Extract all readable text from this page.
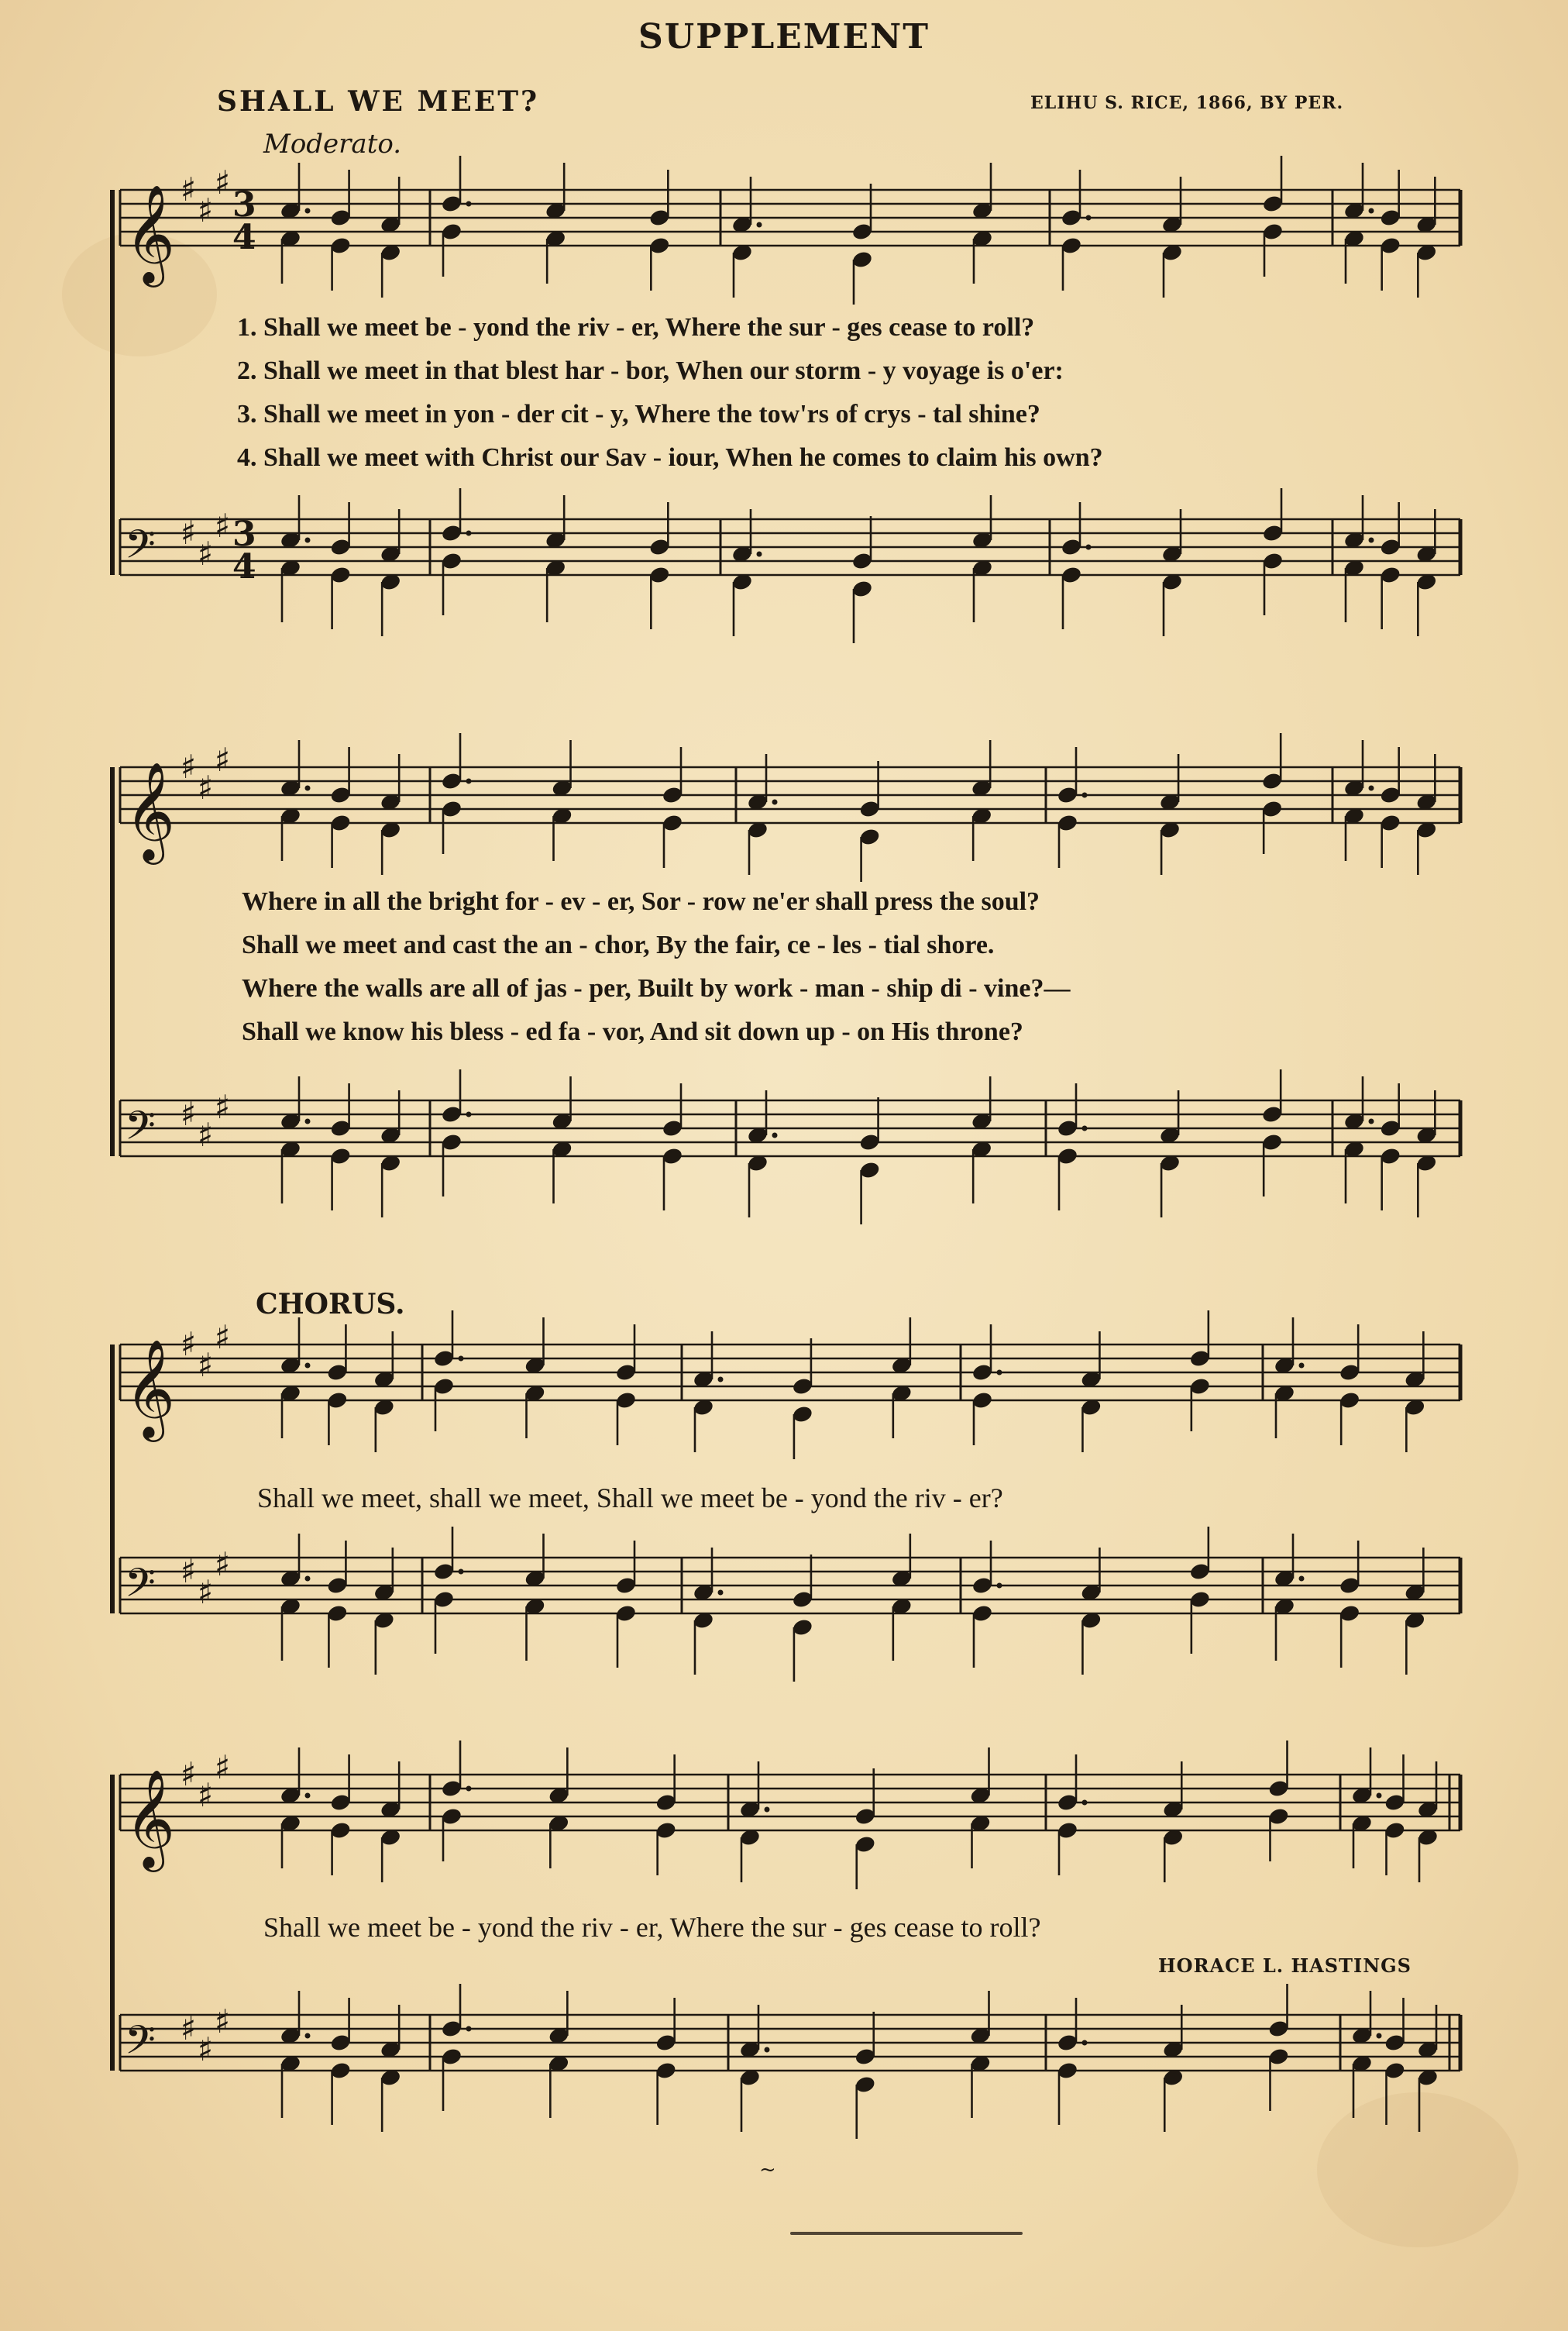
SUPPLEMENT
SHALL WE MEET?	ELIHU S. RICE, 1866, BY PER.
Moderato.
CHORUS.
HORACE L. HASTINGS
1. Shall we meet be - yond the riv - er, Where the sur - ges cease to roll?
2. Shall we meet in that blest har - bor, When our storm - y voyage is o'er:
3. Shall we meet in yon - der cit - y, Where the tow'rs of crys - tal shine?
4. Shall we meet with Christ our Sav - iour, When he comes to claim his own?
Where in all the bright for - ev - er, Sor - row ne'er shall press the soul?
Shall we meet and cast the an - chor, By the fair, ce - les - tial shore.
Where the walls are all of jas - per, Built by work - man - ship di - vine?—
Shall we know his bless - ed fa - vor, And sit down up - on His throne?
Shall we meet, shall we meet, Shall we meet be - yond the riv - er?
Shall we meet be - yond the riv - er, Where the sur - ges cease to roll?
𝄞 ♯
♯
♯
3
4
𝄢 ♯
♯
♯ 3
4
𝄞 ♯
♯
♯
𝄢 ♯
♯
♯
𝄞 ♯
♯
♯
𝄢 ♯
♯
♯
𝄞 ♯
♯
♯
𝄢 ♯
♯
♯
~
